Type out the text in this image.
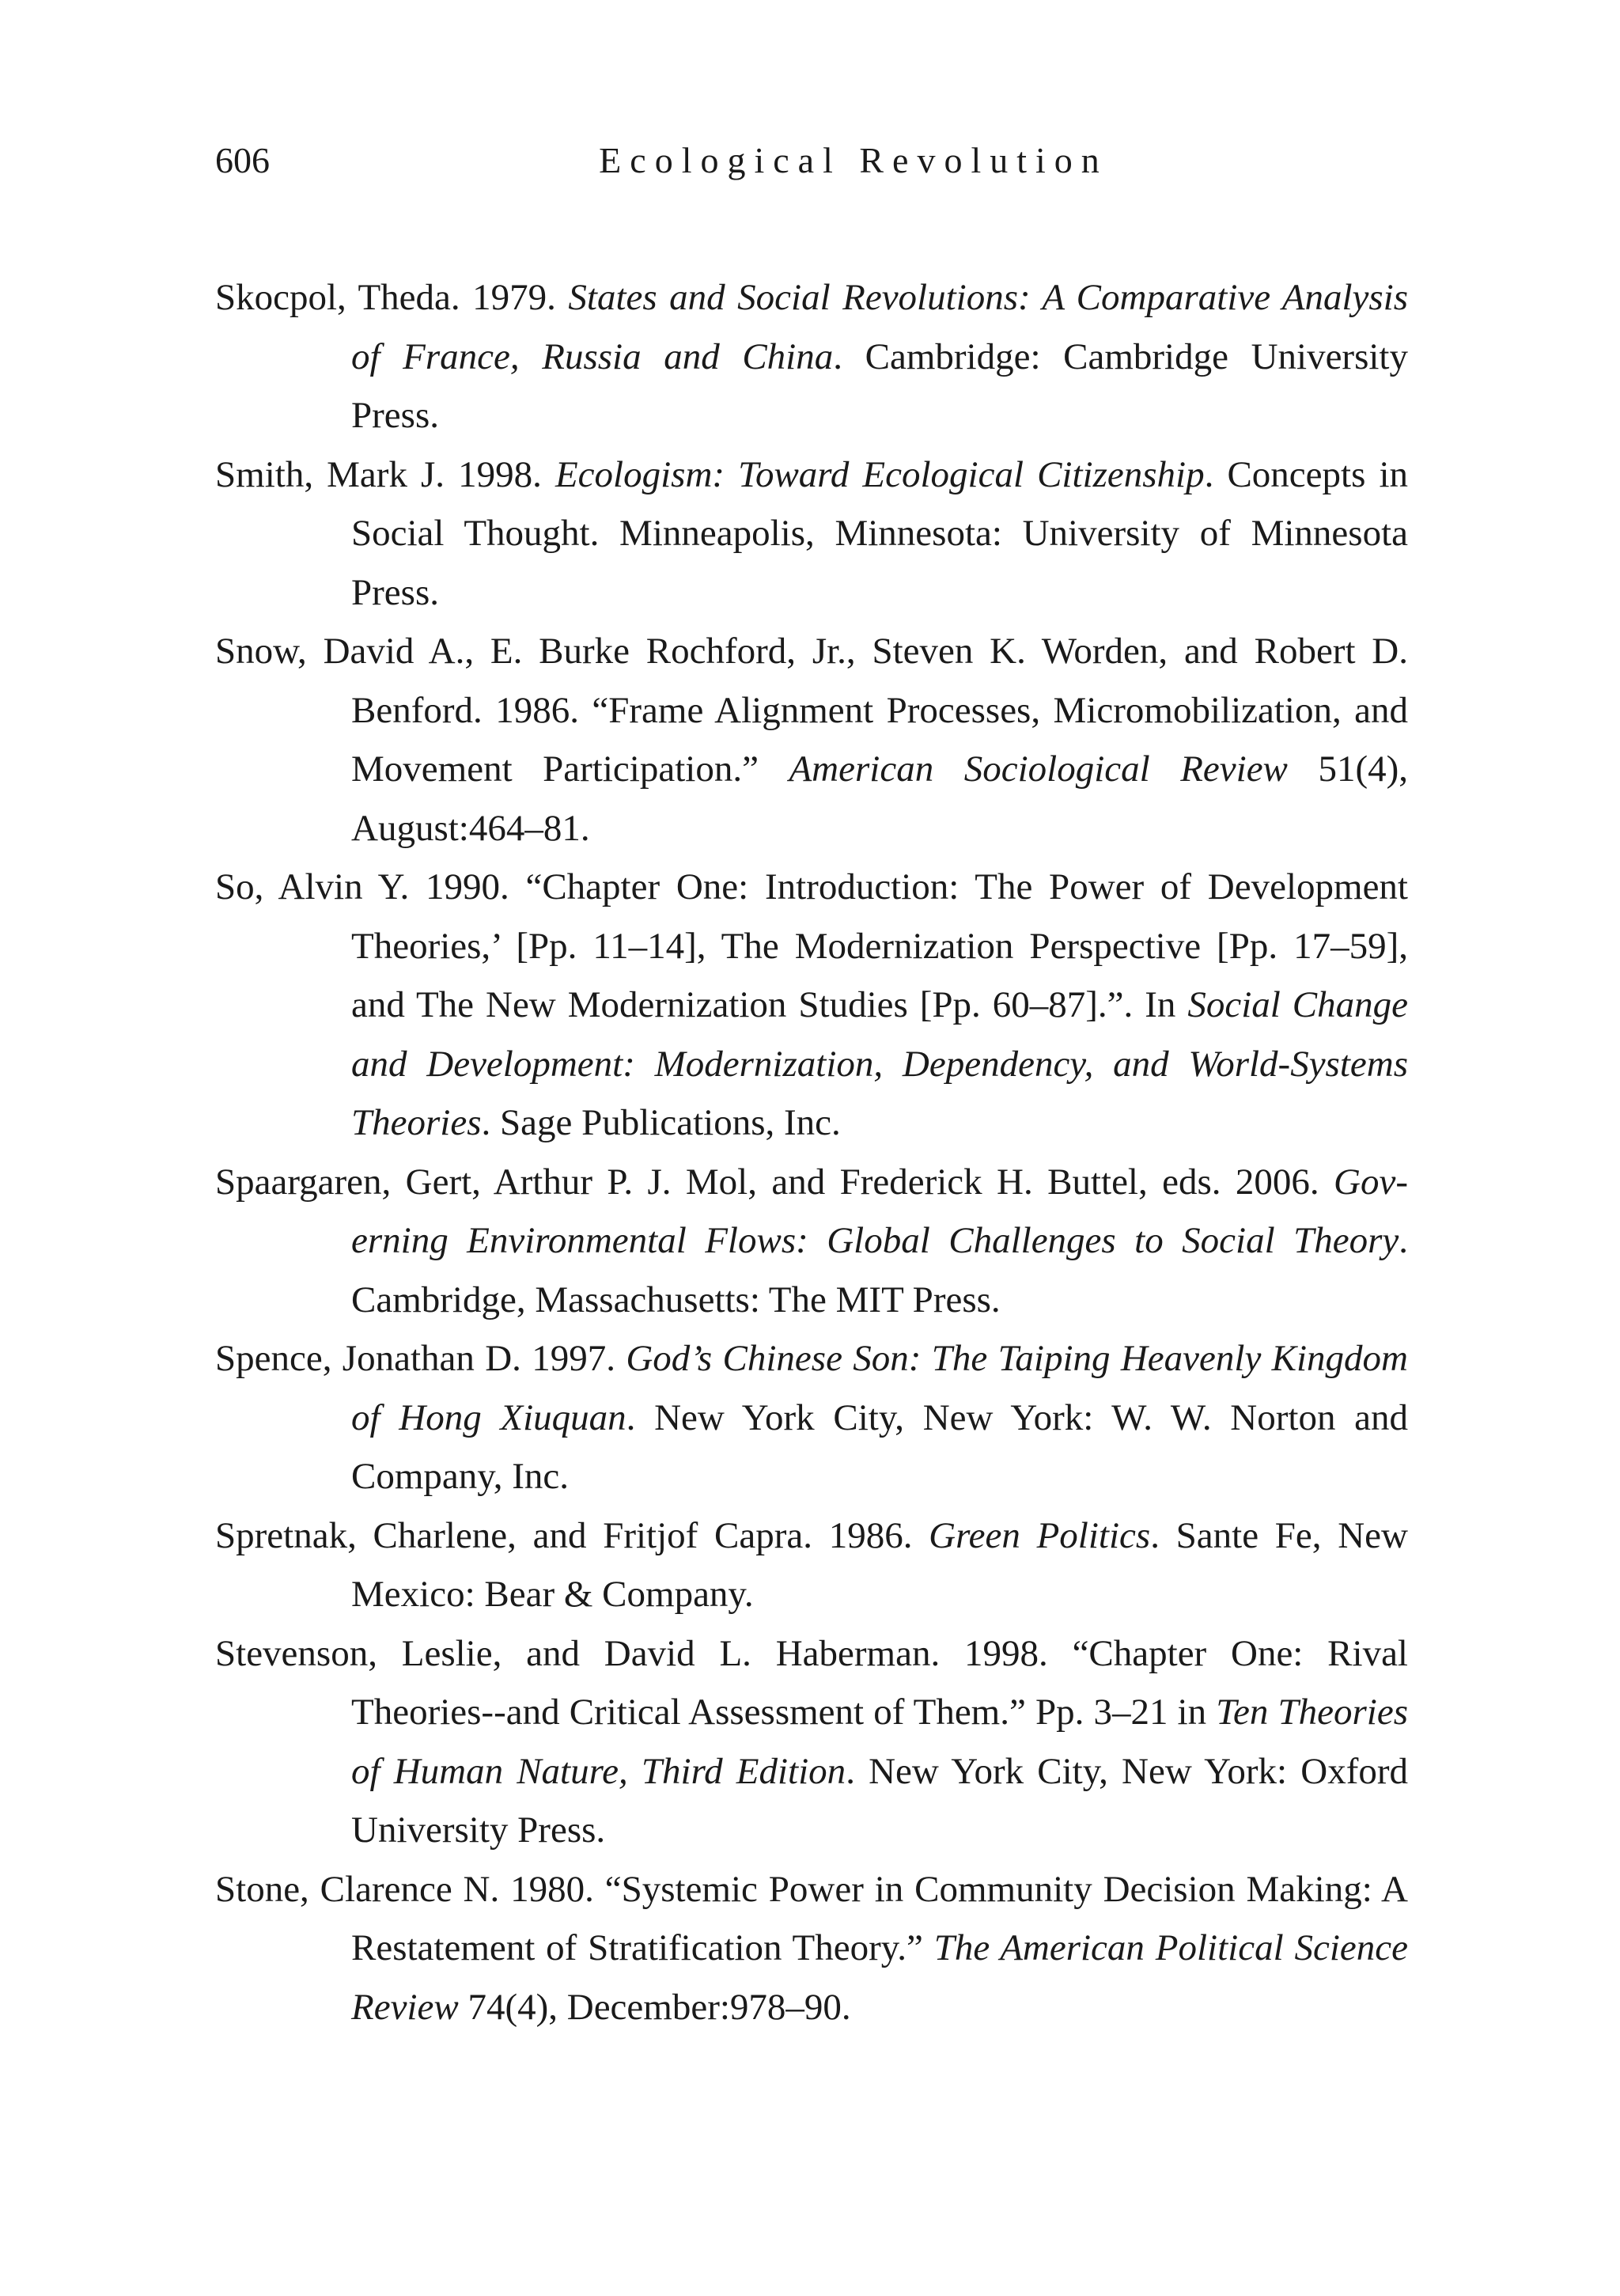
606	Ecological Revolution

Skocpol, Theda. 1979. States and Social Revolutions: A Comparative Analysis of France, Russia and China. Cambridge: Cambridge University Press.

Smith, Mark J. 1998. Ecologism: Toward Ecological Citizenship. Concepts in Social Thought. Minneapolis, Minnesota: University of Minnesota Press.

Snow, David A., E. Burke Rochford, Jr., Steven K. Worden, and Robert D. Benford. 1986. “Frame Alignment Processes, Micromobilization, and Movement Participation.” American Sociological Review 51(4), August:464–81.

So, Alvin Y. 1990. “Chapter One: Introduction: The Power of Development Theories,’ [Pp. 11–14], The Modernization Perspective [Pp. 17–59], and The New Modernization Studies [Pp. 60–87].”. In Social Change and Development: Modernization, Dependency, and World-Systems Theories. Sage Publications, Inc.

Spaargaren, Gert, Arthur P. J. Mol, and Frederick H. Buttel, eds. 2006. Governing Environmental Flows: Global Challenges to Social Theory. Cambridge, Massachusetts: The MIT Press.

Spence, Jonathan D. 1997. God’s Chinese Son: The Taiping Heavenly Kingdom of Hong Xiuquan. New York City, New York: W. W. Norton and Company, Inc.

Spretnak, Charlene, and Fritjof Capra. 1986. Green Politics. Sante Fe, New Mexico: Bear & Company.

Stevenson, Leslie, and David L. Haberman. 1998. “Chapter One: Rival Theories--and Critical Assessment of Them.” Pp. 3–21 in Ten Theories of Human Nature, Third Edition. New York City, New York: Oxford University Press.

Stone, Clarence N. 1980. “Systemic Power in Community Decision Making: A Restatement of Stratification Theory.” The American Political Science Review 74(4), December:978–90.
